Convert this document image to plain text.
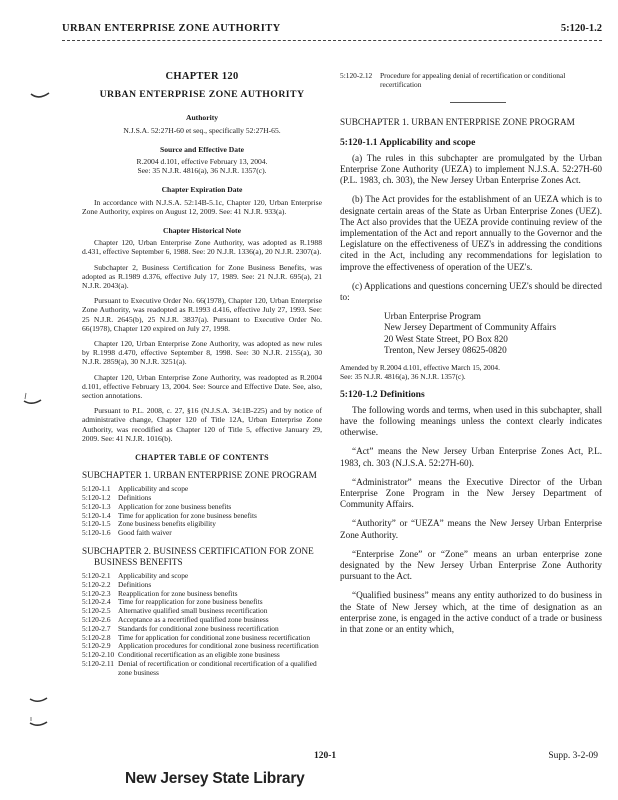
URBAN ENTERPRISE ZONE AUTHORITY	5:120-1.2
CHAPTER 120
URBAN ENTERPRISE ZONE AUTHORITY
Authority
N.J.S.A. 52:27H-60 et seq., specifically 52:27H-65.
Source and Effective Date
R.2004 d.101, effective February 13, 2004.
See: 35 N.J.R. 4816(a), 36 N.J.R. 1357(c).
Chapter Expiration Date
In accordance with N.J.S.A. 52:14B-5.1c, Chapter 120, Urban Enterprise Zone Authority, expires on August 12, 2009. See: 41 N.J.R. 933(a).
Chapter Historical Note
Chapter 120, Urban Enterprise Zone Authority, was adopted as R.1988 d.431, effective September 6, 1988. See: 20 N.J.R. 1336(a), 20 N.J.R. 2307(a).
Subchapter 2, Business Certification for Zone Business Benefits, was adopted as R.1989 d.376, effective July 17, 1989. See: 21 N.J.R. 695(a), 21 N.J.R. 2043(a).
Pursuant to Executive Order No. 66(1978), Chapter 120, Urban Enterprise Zone Authority, was readopted as R.1993 d.416, effective July 27, 1993. See: 25 N.J.R. 2645(b), 25 N.J.R. 3837(a). Pursuant to Executive Order No. 66(1978), Chapter 120 expired on July 27, 1998.
Chapter 120, Urban Enterprise Zone Authority, was adopted as new rules by R.1998 d.470, effective September 8, 1998. See: 30 N.J.R. 2155(a), 30 N.J.R. 2859(a), 30 N.J.R. 3251(a).
Chapter 120, Urban Enterprise Zone Authority, was readopted as R.2004 d.101, effective February 13, 2004. See: Source and Effective Date. See, also, section annotations.
Pursuant to P.L. 2008, c. 27, §16 (N.J.S.A. 34:1B-225) and by notice of administrative change, Chapter 120 of Title 12A, Urban Enterprise Zone Authority, was recodified as Chapter 120 of Title 5, effective January 29, 2009. See: 41 N.J.R. 1016(b).
CHAPTER TABLE OF CONTENTS
SUBCHAPTER 1. URBAN ENTERPRISE ZONE PROGRAM
5:120-1.1	Applicability and scope
5:120-1.2	Definitions
5:120-1.3	Application for zone business benefits
5:120-1.4	Time for application for zone business benefits
5:120-1.5	Zone business benefits eligibility
5:120-1.6	Good faith waiver
SUBCHAPTER 2. BUSINESS CERTIFICATION FOR ZONE
BUSINESS BENEFITS
5:120-2.1	Applicability and scope
5:120-2.2	Definitions
5:120-2.3	Reapplication for zone business benefits
5:120-2.4	Time for reapplication for zone business benefits
5:120-2.5	Alternative qualified small business recertification
5:120-2.6	Acceptance as a recertified qualified zone business
5:120-2.7	Standards for conditional zone business recertification
5:120-2.8	Time for application for conditional zone business recertification
5:120-2.9	Application procedures for conditional zone business recertification
5:120-2.10	Conditional recertification as an eligible zone business
5:120-2.11	Denial of recertification or conditional recertification of a qualified zone business
5:120-2.12	Procedure for appealing denial of recertification or conditional recertification
SUBCHAPTER 1. URBAN ENTERPRISE ZONE PROGRAM
5:120-1.1 Applicability and scope
(a) The rules in this subchapter are promulgated by the Urban Enterprise Zone Authority (UEZA) to implement N.J.S.A. 52:27H-60 (P.L. 1983, ch. 303), the New Jersey Urban Enterprise Zones Act.
(b) The Act provides for the establishment of an UEZA which is to designate certain areas of the State as Urban Enterprise Zones (UEZ). The Act also provides that the UEZA provide continuing review of the implementation of the Act and report annually to the Governor and the Legislature on the effectiveness of UEZ's in addressing the conditions cited in the Act, including any recommendations for legislation to improve the effectiveness of operation of the UEZ's.
(c) Applications and questions concerning UEZ's should be directed to:
Urban Enterprise Program
New Jersey Department of Community Affairs
20 West State Street, PO Box 820
Trenton, New Jersey 08625-0820
Amended by R.2004 d.101, effective March 15, 2004.
See: 35 N.J.R. 4816(a), 36 N.J.R. 1357(c).
5:120-1.2 Definitions
The following words and terms, when used in this subchapter, shall have the following meanings unless the context clearly indicates otherwise.
“Act” means the New Jersey Urban Enterprise Zones Act, P.L. 1983, ch. 303 (N.J.S.A. 52:27H-60).
“Administrator” means the Executive Director of the Urban Enterprise Zone Program in the New Jersey Department of Community Affairs.
“Authority” or “UEZA” means the New Jersey Urban Enterprise Zone Authority.
“Enterprise Zone” or “Zone” means an urban enterprise zone designated by the New Jersey Urban Enterprise Zone Authority pursuant to the Act.
“Qualified business” means any entity authorized to do business in the State of New Jersey which, at the time of designation as an enterprise zone, is engaged in the active conduct of a trade or business in that zone or an entity which,
120-1	Supp. 3-2-09
New Jersey State Library
